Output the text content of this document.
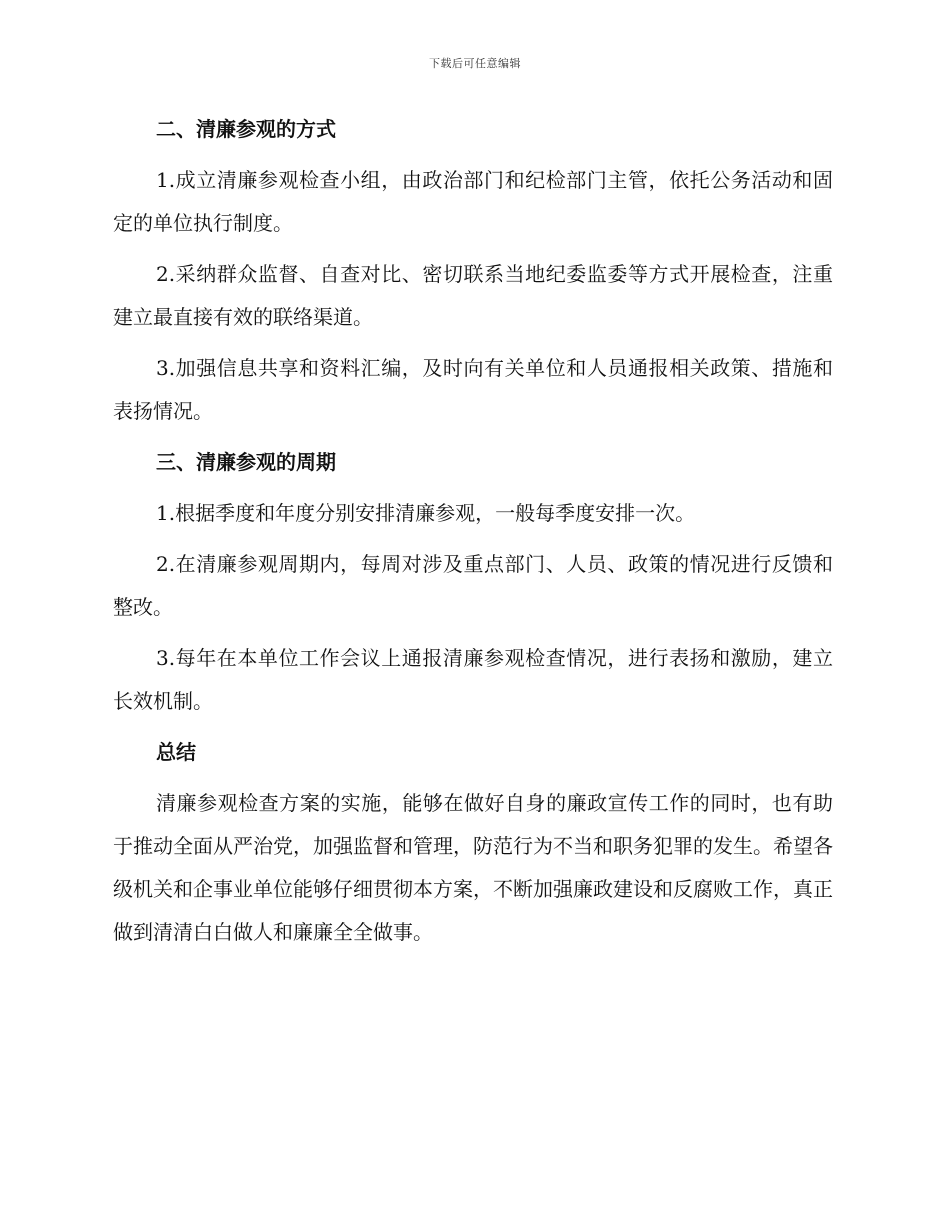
下载后可任意编辑
二、清廉参观的方式

1.成立清廉参观检查小组，由政治部门和纪检部门主管，依托公务活动和固定的单位执行制度。

2.采纳群众监督、自查对比、密切联系当地纪委监委等方式开展检查，注重建立最直接有效的联络渠道。

3.加强信息共享和资料汇编，及时向有关单位和人员通报相关政策、措施和表扬情况。

三、清廉参观的周期

1.根据季度和年度分别安排清廉参观，一般每季度安排一次。

2.在清廉参观周期内，每周对涉及重点部门、人员、政策的情况进行反馈和整改。

3.每年在本单位工作会议上通报清廉参观检查情况，进行表扬和激励，建立长效机制。

总结

清廉参观检查方案的实施，能够在做好自身的廉政宣传工作的同时，也有助于推动全面从严治党，加强监督和管理，防范行为不当和职务犯罪的发生。希望各级机关和企事业单位能够仔细贯彻本方案，不断加强廉政建设和反腐败工作，真正做到清清白白做人和廉廉全全做事。
